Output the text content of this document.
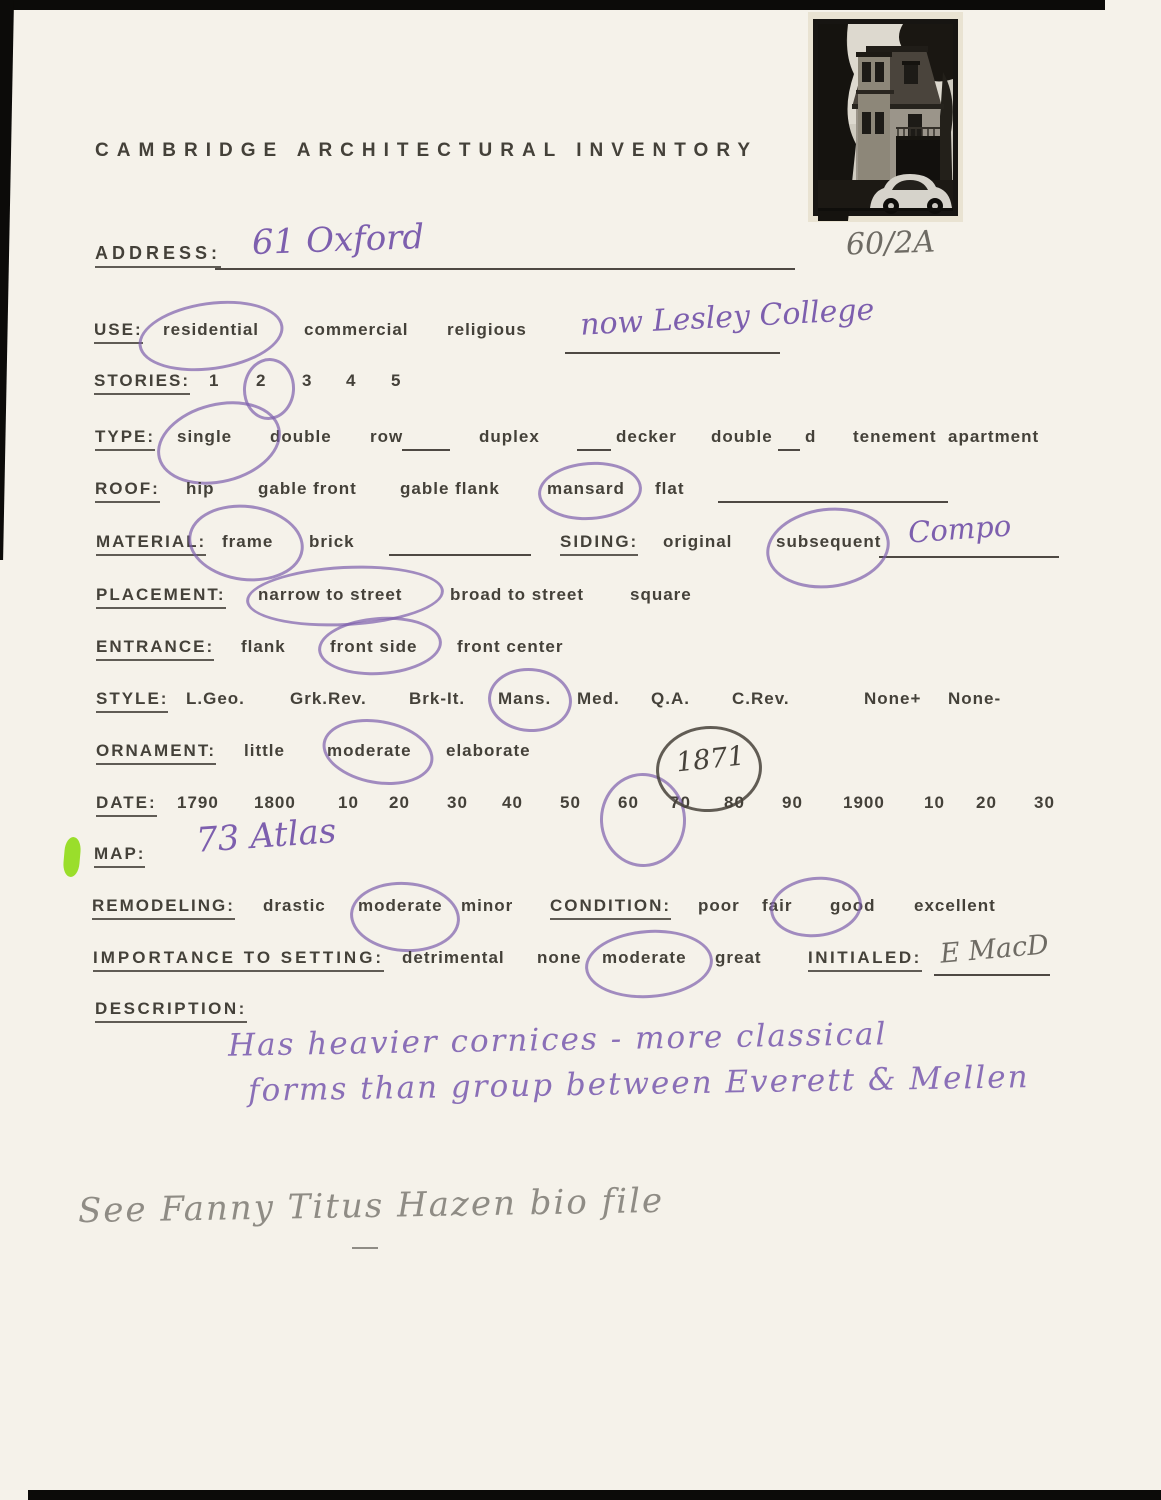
CAMBRIDGE ARCHITECTURAL INVENTORY
60/2A
ADDRESS: 61 Oxford
USE: residential	commercial religious now Lesley College
STORIES: 1 2 3 4 5
TYPE: single double row	duplex	decker double d tenement apartment
ROOF: hip	gable front	gable flank	mansard flat
MATERIAL: frame brick	SIDING: original	subsequent Compo
PLACEMENT: narrow to street	broad to street	square
ENTRANCE: flank	front side front center
STYLE: L.Geo.	Grk.Rev. Brk-It. Mans. Med. Q.A. C.Rev.	None+ None-
ORNAMENT: little moderate elaborate
DATE: 1790 1800 10 20 30 40 50 60 70 80 90 1900 10 20 30
1871
MAP: 73 Atlas
REMODELING: drastic moderate minor CONDITION: poor fair good excellent
IMPORTANCE TO SETTING: detrimental none moderate great	INITIALED: E MacD
DESCRIPTION:
Has heavier cornices - more classical
forms than group between Everett & Mellen
See Fanny Titus Hazen bio file
